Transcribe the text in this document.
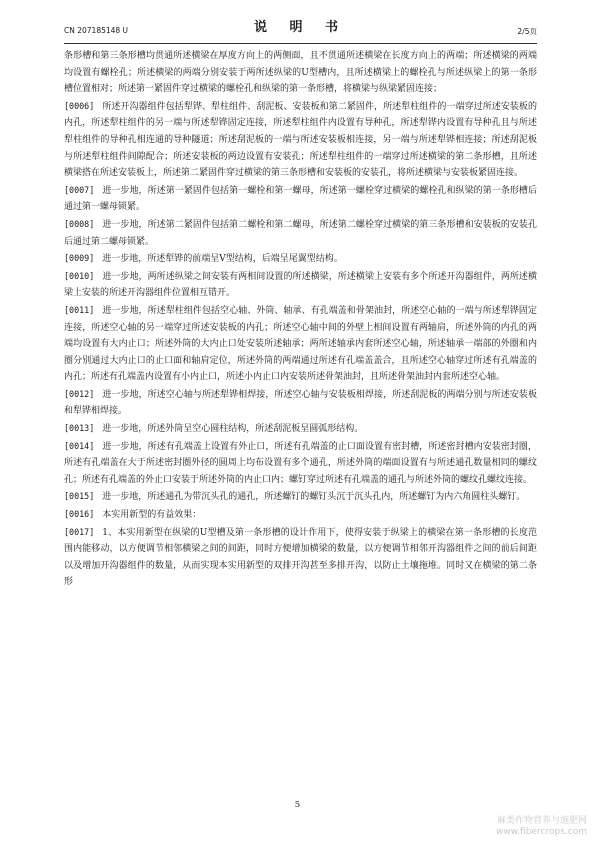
CN 207185148 U	说 明 书	2/5页

条形槽和第三条形槽均贯通所述横梁在厚度方向上的两侧面，且不贯通所述横梁在长度方向上的两端；所述横梁的两端均设置有螺栓孔；所述横梁的两端分别安装于两所述纵梁的U型槽内，且所述横梁上的螺栓孔与所述纵梁上的第一条形槽位置相对；所述第一紧固件穿过横梁的螺栓孔和纵梁的第一条形槽，将横梁与纵梁紧固连接；

[0006] 所述开沟器组件包括犁铧、犁柱组件、刮泥板、安装板和第二紧固件，所述犁柱组件的一端穿过所述安装板的内孔，所述犁柱组件的另一端与所述犁铧固定连接，所述犁柱组件内设置有导种孔，所述犁铧内设置有导种孔且与所述犁柱组件的导种孔相连通的导种隧道；所述刮泥板的一端与所述安装板相连接，另一端与所述犁铧相连接；所述刮泥板与所述犁柱组件间隙配合；所述安装板的两边设置有安装孔；所述犁柱组件的一端穿过所述横梁的第二条形槽，且所述横梁搭在所述安装板上，所述第二紧固件穿过横梁的第三条形槽和安装板的安装孔，将所述横梁与安装板紧固连接。

[0007] 进一步地，所述第一紧固件包括第一螺栓和第一螺母，所述第一螺栓穿过横梁的螺栓孔和纵梁的第一条形槽后通过第一螺母锁紧。

[0008] 进一步地，所述第二紧固件包括第二螺栓和第二螺母，所述第二螺栓穿过横梁的第三条形槽和安装板的安装孔后通过第二螺母锁紧。

[0009] 进一步地，所述犁铧的前端呈V型结构，后端呈尾翼型结构。

[0010] 进一步地，两所述纵梁之间安装有两相间设置的所述横梁，所述横梁上安装有多个所述开沟器组件，两所述横梁上安装的所述开沟器组件位置相互错开。

[0011] 进一步地，所述犁柱组件包括空心轴、外筒、轴承、有孔端盖和骨架油封，所述空心轴的一端与所述犁铧固定连接，所述空心轴的另一端穿过所述安装板的内孔；所述空心轴中间的外壁上相间设置有两轴肩，所述外筒的内孔的两端均设置有大内止口；所述外筒的大内止口处安装所述轴承；两所述轴承内套所述空心轴，所述轴承一端部的外圈和内圈分别通过大内止口的止口面和轴肩定位，所述外筒的两端通过所述有孔端盖盖合，且所述空心轴穿过所述有孔端盖的内孔；所述有孔端盖内设置有小内止口，所述小内止口内安装所述骨架油封，且所述骨架油封内套所述空心轴。

[0012] 进一步地，所述空心轴与所述犁铧相焊接，所述空心轴与安装板相焊接，所述刮泥板的两端分别与所述安装板和犁铧相焊接。

[0013] 进一步地，所述外筒呈空心圆柱结构，所述刮泥板呈圆弧形结构。

[0014] 进一步地，所述有孔端盖上设置有外止口，所述有孔端盖的止口面设置有密封槽，所述密封槽内安装密封圈，所述有孔端盖在大于所述密封圈外径的圆周上均布设置有多个通孔，所述外筒的端面设置有与所述通孔数量相同的螺纹孔；所述有孔端盖的外止口安装于所述外筒的内止口内；螺钉穿过所述有孔端盖的通孔与所述外筒的螺纹孔螺纹连接。

[0015] 进一步地，所述通孔为带沉头孔的通孔，所述螺钉的螺钉头沉于沉头孔内，所述螺钉为内六角圆柱头螺钉。

[0016] 本实用新型的有益效果：

[0017] 1、本实用新型在纵梁的U型槽及第一条形槽的设计作用下，使得安装于纵梁上的横梁在第一条形槽的长度范围内能移动，以方便调节相邻横梁之间的间距，同时方便增加横梁的数量，以方便调节相邻开沟器组件之间的前后间距以及增加开沟器组件的数量，从而实现本实用新型的双排开沟甚至多排开沟，以防止土壤拖堆。同时又在横梁的第二条形

5
麻类作物营养与施肥网
www.fibercrops.com
